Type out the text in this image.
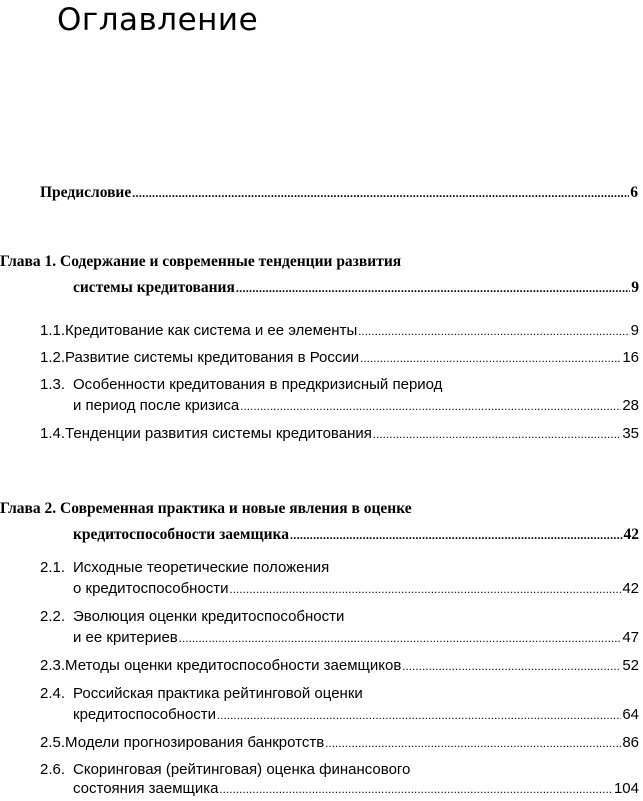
Оглавление
Предисловие .....	6
Глава 1. Содержание и современные тенденции развития
системы кредитования .....	9
1.1. Кредитование как система и ее элементы .....	9
1.2. Развитие системы кредитования в России .....	16
1.3. Особенности кредитования в предкризисный период
и период после кризиса .....	28
1.4. Тенденции развития системы кредитования .....	35
Глава 2. Современная практика и новые явления в оценке
кредитоспособности заемщика .....	42
2.1. Исходные теоретические положения
о кредитоспособности .....	42
2.2. Эволюция оценки кредитоспособности
и ее критериев .....	47
2.3. Методы оценки кредитоспособности заемщиков .....	52
2.4. Российская практика рейтинговой оценки
кредитоспособности .....	64
2.5. Модели прогнозирования банкротств .....	86
2.6. Скоринговая (рейтинговая) оценка финансового
состояния заемщика .....	104
